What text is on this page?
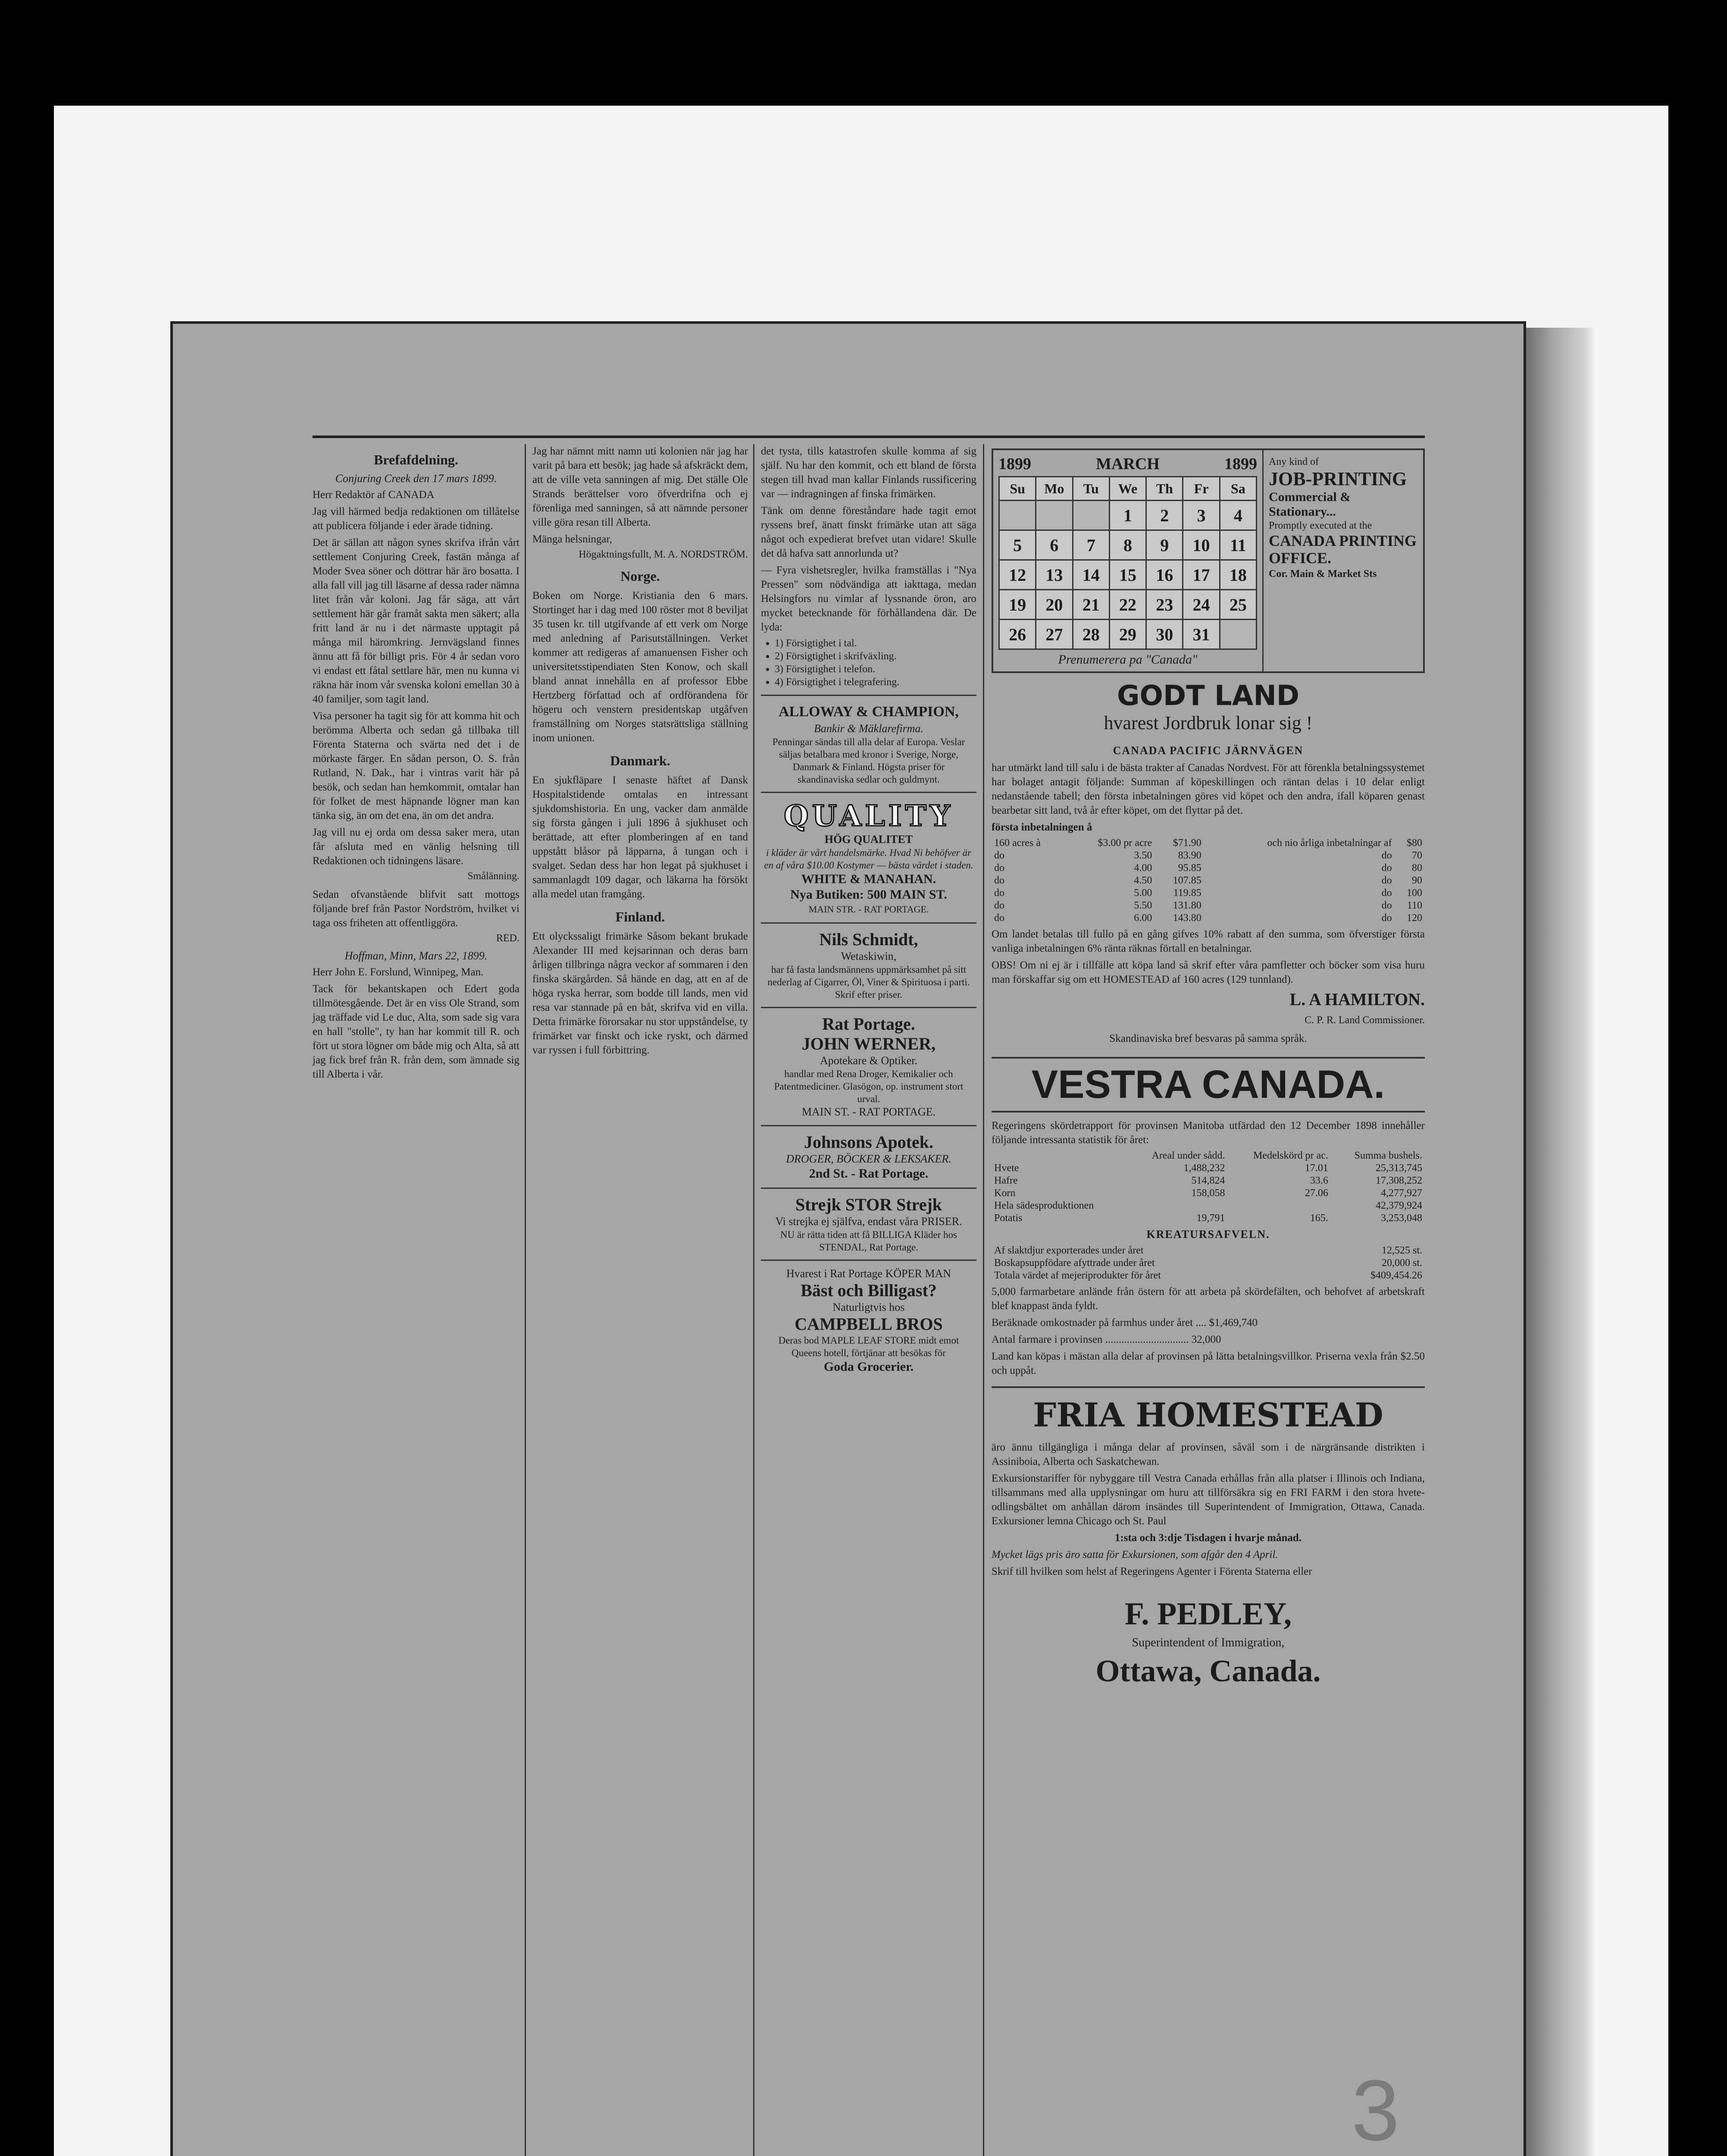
Brefafdelning.
Conjuring Creek den 17 mars 1899.

Herr Redaktör af CANADA

Jag vill härmed bedja redaktionen om tillåtelse att publicera följande i eder ärade tidning.

Det är sällan att någon synes skrifva ifrån vårt settlement Conjuring Creek, fastän många af Moder Svea söner och döttrar här äro bosatta. I alla fall vill jag till läsarne af dessa rader nämna litet från vår koloni. Jag får säga, att vårt settlement här går framåt sakta men säkert; alla fritt land är nu i det närmaste upptagit på många mil häromkring. Jernvägsland finnes ännu att få för billigt pris. För 4 år sedan voro vi endast ett fåtal settlare här, men nu kunna vi räkna här inom vår svenska koloni emellan 30 à 40 familjer, som tagit land.

Visa personer ha tagit sig för att komma hit och berömma Alberta och sedan gå tillbaka till Förenta Staterna och svärta ned det i de mörkaste färger. En sådan person, O. S. från Rutland, N. Dak., har i vintras varit här på besök, och sedan han hemkommit, omtalar han för folket de mest häpnande lögner man kan tänka sig, än om det ena, än om det andra.

Jag vill nu ej orda om dessa saker mera, utan får afsluta med en vänlig helsning till Redaktionen och tidningens läsare.

Smålänning.

Sedan ofvanstående blifvit satt mottogs följande bref från Pastor Nordström, hvilket vi taga oss friheten att offentliggöra.

RED.
Hoffman, Minn, Mars 22, 1899.

Herr John E. Forslund, Winnipeg, Man.

Tack för bekantskapen och Edert goda tillmötesgående. Det är en viss Ole Strand, som jag träffade vid Le duc, Alta, som sade sig vara en hall "stolle", ty han har kommit till R. och fört ut stora lögner om både mig och Alta, så att jag fick bref från R. från dem, som ämnade sig till Alberta i vår.

Jag har nämnt mitt namn uti kolonien när jag har varit på bara ett besök; jag hade så afskräckt dem, att de ville veta sanningen af mig. Det ställe Ole Strands berättelser voro öfverdrifna och ej förenliga med sanningen, så att nämnde personer ville göra resan till Alberta.

Mänga helsningar,

Högaktningsfullt, M. A. NORDSTRÖM.
Norge.

Boken om Norge. Kristiania den 6 mars. Stortinget har i dag med 100 röster mot 8 beviljat 35 tusen kr. till utgifvande af ett verk om Norge med anledning af Parisutställningen. Verket kommer att redigeras af amanuensen Fisher och universitetsstipendiaten Sten Konow, och skall bland annat innehålla en af professor Ebbe Hertzberg författad och af ordförandena för högeru och venstern presidentskap utgåfven framställning om Norges statsrättsliga ställning inom unionen.

Danmark.

En sjukfläpare I senaste häftet af Dansk Hospitalstidende omtalas en intressant sjukdomshistoria. En ung, vacker dam anmälde sig första gången i juli 1896 å sjukhuset och berättade, att efter plomberingen af en tand uppstått blåsor på läpparna, å tungan och i svalget. Sedan dess har hon legat på sjukhuset i sammanlagdt 109 dagar, och läkarna ha försökt alla medel utan framgång.

Finland.

Ett olyckssaligt frimärke Såsom bekant brukade Alexander III med kejsarinnan och deras barn årligen tillbringa några veckor af sommaren i den finska skärgården. Så hände en dag, att en af de höga ryska herrar, som bodde till lands, men vid resa var stannade på en båt, skrifva vid en villa. Detta frimärke förorsakar nu stor uppståndelse, ty frimärket var finskt och icke ryskt, och därmed var ryssen i full förbittring.

det tysta, tills katastrofen skulle komma af sig själf. Nu har den kommit, och ett bland de första stegen till hvad man kallar Finlands russificering var — indragningen af finska frimärken.

Tänk om denne föreståndare hade tagit emot ryssens bref, änatt finskt frimärke utan att säga något och expedierat brefvet utan vidare! Skulle det då hafva satt annorlunda ut?

— Fyra vishetsregler, hvilka framställas i "Nya Pressen" som nödvändiga att iakttaga, medan Helsingfors nu vimlar af lyssnande öron, aro mycket betecknande för förhållandena där. De lyda:

• 1) Försigtighet i tal.
• 2) Försigtighet i skrifväxling.
• 3) Försigtighet i telefon.
• 4) Försigtighet i telegrafering.
ALLOWAY & CHAMPION,
Bankir & Mäklarefirma.
Penningar sändas till alla delar af Europa. Veslar säljas betalbara med kronor i Sverige, Norge, Danmark & Finland. Högsta priser för skandinaviska sedlar och guldmynt.
QUALITY
HÖG QUALITET
i kläder är vårt handelsmärke. Hvad Ni behöfver är en af våra $10.00 Kostymer — bästa värdet i staden.
WHITE & MANAHAN.
Nya Butiken: 500 MAIN ST.
MAIN STR. - RAT PORTAGE.
Nils Schmidt,
Wetaskiwin,
har få fasta landsmännens uppmärksamhet på sitt nederlag af Cigarrer, Öl, Viner & Spirituosa i parti. Skrif efter priser.
Rat Portage.
JOHN WERNER,
Apotekare & Optiker.
handlar med Rena Droger, Kemikalier och Patentmediciner. Glasögon, op. instrument stort urval.
MAIN ST. - RAT PORTAGE.
Johnsons Apotek.
DROGER, BÖCKER & LEKSAKER.
2nd St. - Rat Portage.
Strejk STOR Strejk
Vi strejka ej själfva, endast våra PRISER.
NU är rätta tiden att få BILLIGA Kläder hos STENDAL, Rat Portage.
Hvarest i Rat Portage KÖPER MAN
Bäst och Billigast?
Naturligtvis hos
CAMPBELL BROS
Deras bod MAPLE LEAF STORE midt emot Queens hotell, förtjänar att besökas för
Goda Grocerier.
1899	MARCH	1899
Su	Mo	Tu	We	Th	Fr	Sa
			1	2	3	4
5	6	7	8	9	10	11
12	13	14	15	16	17	18
19	20	21	22	23	24	25
26	27	28	29	30	31	
Prenumerera pa "Canada"
Any kind of
JOB-PRINTING
Commercial & Stationary...
Promptly executed at the
CANADA PRINTING OFFICE.
Cor. Main & Market Sts
GODT LAND
hvarest Jordbruk lonar sig !
CANADA PACIFIC JÄRNVÄGEN

har utmärkt land till salu i de bästa trakter af Canadas Nordvest. För att förenkla betalningssystemet har bolaget antagit följande: Summan af köpeskillingen och räntan delas i 10 delar enligt nedanstående tabell; den första inbetalningen göres vid köpet och den andra, ifall köparen genast bearbetar sitt land, två år efter köpet, om det flyttar på det.

första inbetalningen å

160 acres à	$3.00 pr acre	$71.90	och nio årliga inbetalningar af	$80
do	3.50	83.90	do	70
do	4.00	95.85	do	80
do	4.50	107.85	do	90
do	5.00	119.85	do	100
do	5.50	131.80	do	110
do	6.00	143.80	do	120

Om landet betalas till fullo på en gång gifves 10% rabatt af den summa, som öfverstiger första vanliga inbetalningen 6% ränta räknas förtall en betalningar.

OBS! Om ni ej är i tillfälle att köpa land så skrif efter våra pamfletter och böcker som visa huru man förskaffar sig om ett HOMESTEAD af 160 acres (129 tunnland).

L. A HAMILTON.
C. P. R. Land Commissioner.

Skandinaviska bref besvaras på samma språk.

VESTRA CANADA.

Regeringens skördetrapport för provinsen Manitoba utfärdad den 12 December 1898 innehåller följande intressanta statistik för året:

	Areal under sådd.	Medelskörd pr ac.	Summa bushels.
Hvete	1,488,232	17.01	25,313,745
Hafre	514,824	33.6	17,308,252
Korn	158,058	27.06	4,277,927
Hela sädesproduktionen			42,379,924
Potatis	19,791	165.	3,253,048
KREATURSAFVELN.
Af slaktdjur exporterades under året	12,525 st.
Boskapsuppfödare afyttrade under året	20,000 st.
Totala värdet af mejeriprodukter för året	$409,454.26

5,000 farmarbetare anlände från östern för att arbeta på skördefälten, och behofvet af arbetskraft blef knappast ända fyldt.

Beräknade omkostnader på farmhus under året .... $1,469,740

Antal farmare i provinsen ............................... 32,000

Land kan köpas i mästan alla delar af provinsen på lätta betalningsvillkor. Priserna vexla från $2.50 och uppåt.

FRIA HOMESTEAD

äro ännu tillgängliga i många delar af provinsen, såväl som i de närgränsande distrikten i Assiniboia, Alberta och Saskatchewan.

Exkursionstariffer för nybyggare till Vestra Canada erhållas från alla platser i Illinois och Indiana, tillsammans med alla upplysningar om huru att tillförsäkra sig en FRI FARM i den stora hvete-odlingsbältet om anhållan därom insändes till Superintendent of Immigration, Ottawa, Canada. Exkursioner lemna Chicago och St. Paul

1:sta och 3:dje Tisdagen i hvarje månad.

Mycket lägs pris äro satta för Exkursionen, som afgår den 4 April.

Skrif till hvilken som helst af Regeringens Agenter i Förenta Staterna eller

F. PEDLEY,
Superintendent of Immigration,
Ottawa, Canada.
3
